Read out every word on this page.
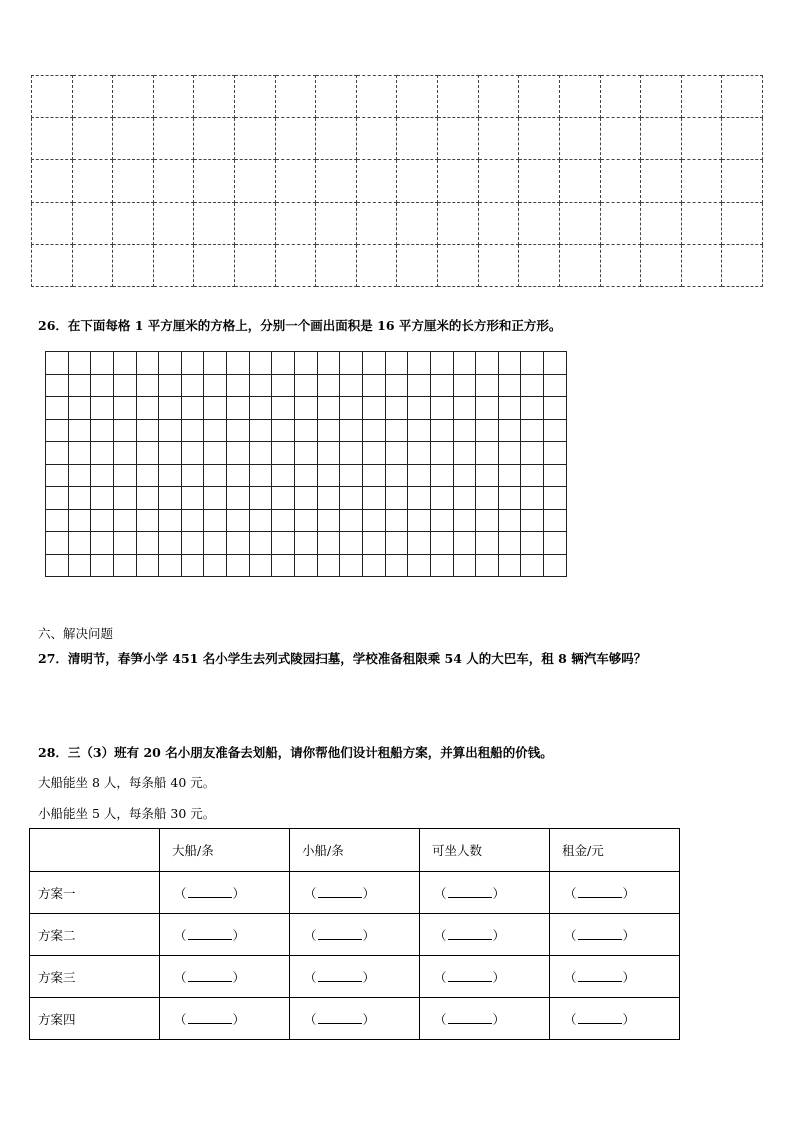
26．在下面每格 1 平方厘米的方格上，分别一个画出面积是 16 平方厘米的长方形和正方形。

六、解决问题
27．清明节，春笋小学 451 名小学生去列式陵园扫墓，学校准备租限乘 54 人的大巴车，租 8 辆汽车够吗？
28．三（3）班有 20 名小朋友准备去划船，请你帮他们设计租船方案，并算出租船的价钱。
大船能坐 8 人，每条船 40 元。
小船能坐 5 人，每条船 30 元。
	大船/条	小船/条	可坐人数	租金/元
方案一	（ ）	（ ）	（ ）	（ ）
方案二	（ ）	（ ）	（ ）	（ ）
方案三	（ ）	（ ）	（ ）	（ ）
方案四	（ ）	（ ）	（ ）	（ ）
